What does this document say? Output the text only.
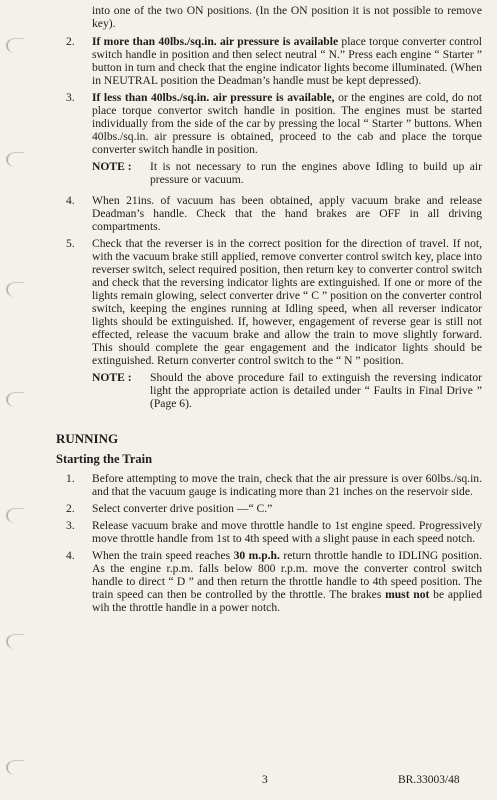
into one of the two ON positions. (In the ON position it is not possible to remove key).
2.	If more than 40lbs./sq.in. air pressure is available place torque converter control switch handle in position and then select neutral “ N.” Press each engine “ Starter ” button in turn and check that the engine indicator lights become illuminated. (When in NEUTRAL position the Deadman’s handle must be kept depressed).
3.	If less than 40lbs./sq.in. air pressure is available, or the engines are cold, do not place torque convertor switch handle in position. The engines must be started individually from the side of the car by pressing the local “ Starter ” buttons. When 40lbs./sq.in. air pressure is obtained, proceed to the cab and place the torque converter switch handle in position.
NOTE :	It is not necessary to run the engines above Idling to build up air pressure or vacuum.
4.	When 21ins. of vacuum has been obtained, apply vacuum brake and release Deadman’s handle. Check that the hand brakes are OFF in all driving compartments.
5.	Check that the reverser is in the correct position for the direction of travel. If not, with the vacuum brake still applied, remove converter control switch key, place into reverser switch, select required position, then return key to converter control switch and check that the reversing indicator lights are extinguished. If one or more of the lights remain glowing, select converter drive “ C ” position on the converter control switch, keeping the engines running at Idling speed, when all reverser indicator lights should be extinguished. If, however, engagement of reverse gear is still not effected, release the vacuum brake and allow the train to move slightly forward. This should complete the gear engagement and the indicator lights should be extinguished. Return converter control switch to the “ N ” position.
NOTE :	Should the above procedure fail to extinguish the reversing indicator light the appropriate action is detailed under “ Faults in Final Drive ” (Page 6).
RUNNING
Starting the Train
1.	Before attempting to move the train, check that the air pressure is over 60lbs./sq.in. and that the vacuum gauge is indicating more than 21 inches on the reservoir side.
2.	Select converter drive position —“ C.”
3.	Release vacuum brake and move throttle handle to 1st engine speed. Progressively move throttle handle from 1st to 4th speed with a slight pause in each speed notch.
4.	When the train speed reaches 30 m.p.h. return throttle handle to IDLING position. As the engine r.p.m. falls below 800 r.p.m. move the converter control switch handle to direct “ D ” and then return the throttle handle to 4th speed position. The train speed can then be controlled by the throttle. The brakes must not be applied wih the throttle handle in a power notch.
3	BR.33003/48
